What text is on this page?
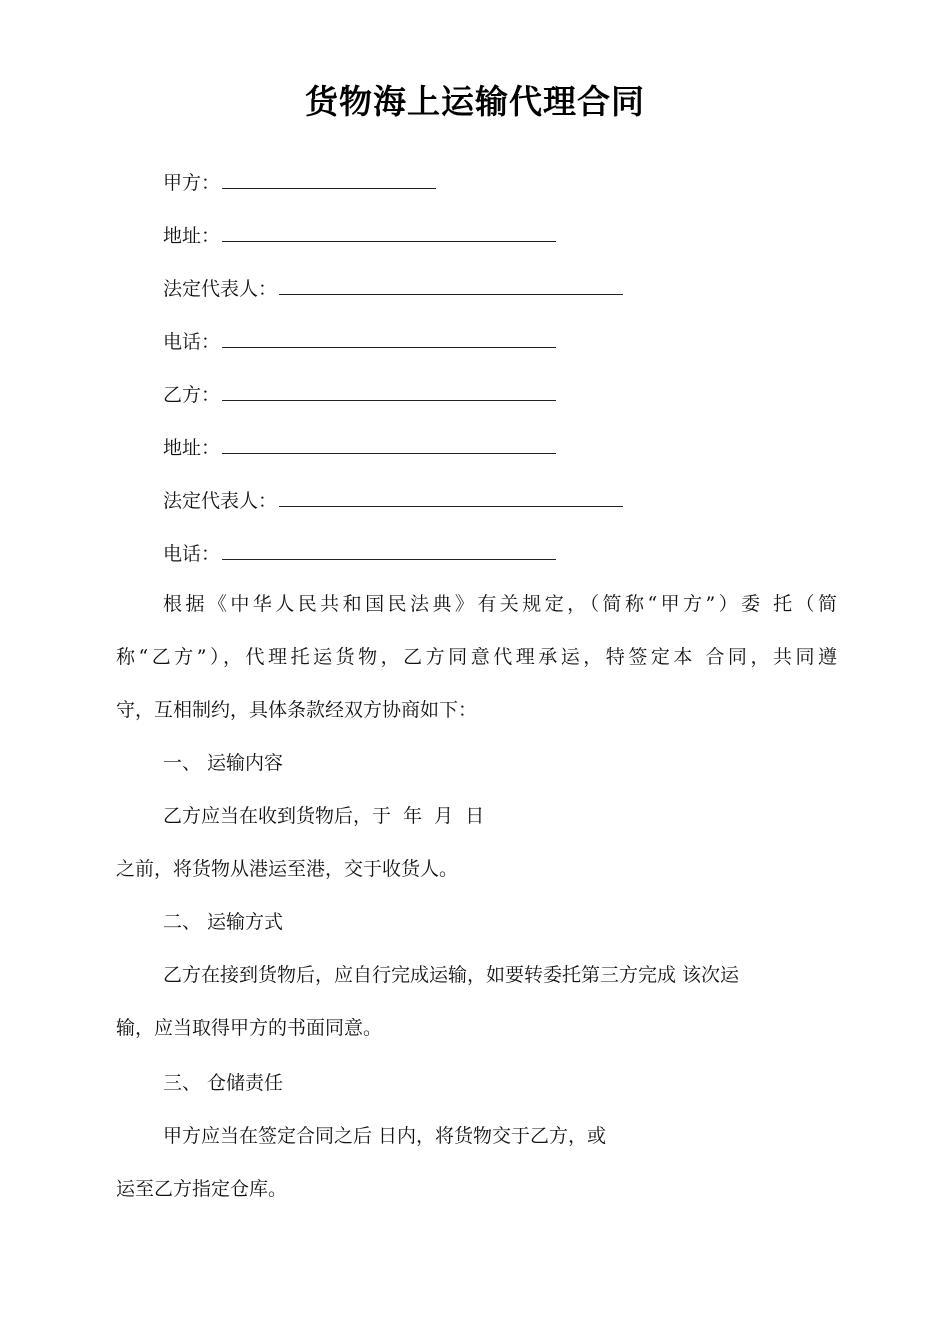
货物海上运输代理合同
甲方：
地址：
法定代表人：
电话：
乙方：
地址：
法定代表人：
电话：
根据《中华人民共和国民法典》有关规定，（简称“甲方”）委 托（简
称“乙方”），代理托运货物，乙方同意代理承运，特签定本 合同，共同遵
守，互相制约，具体条款经双方协商如下：
一、 运输内容
乙方应当在收到货物后，于  年  月  日
之前，将货物从港运至港，交于收货人。
二、 运输方式
乙方在接到货物后，应自行完成运输，如要转委托第三方完成 该次运
输，应当取得甲方的书面同意。
三、 仓储责任
甲方应当在签定合同之后 日内，将货物交于乙方，或
运至乙方指定仓库。
